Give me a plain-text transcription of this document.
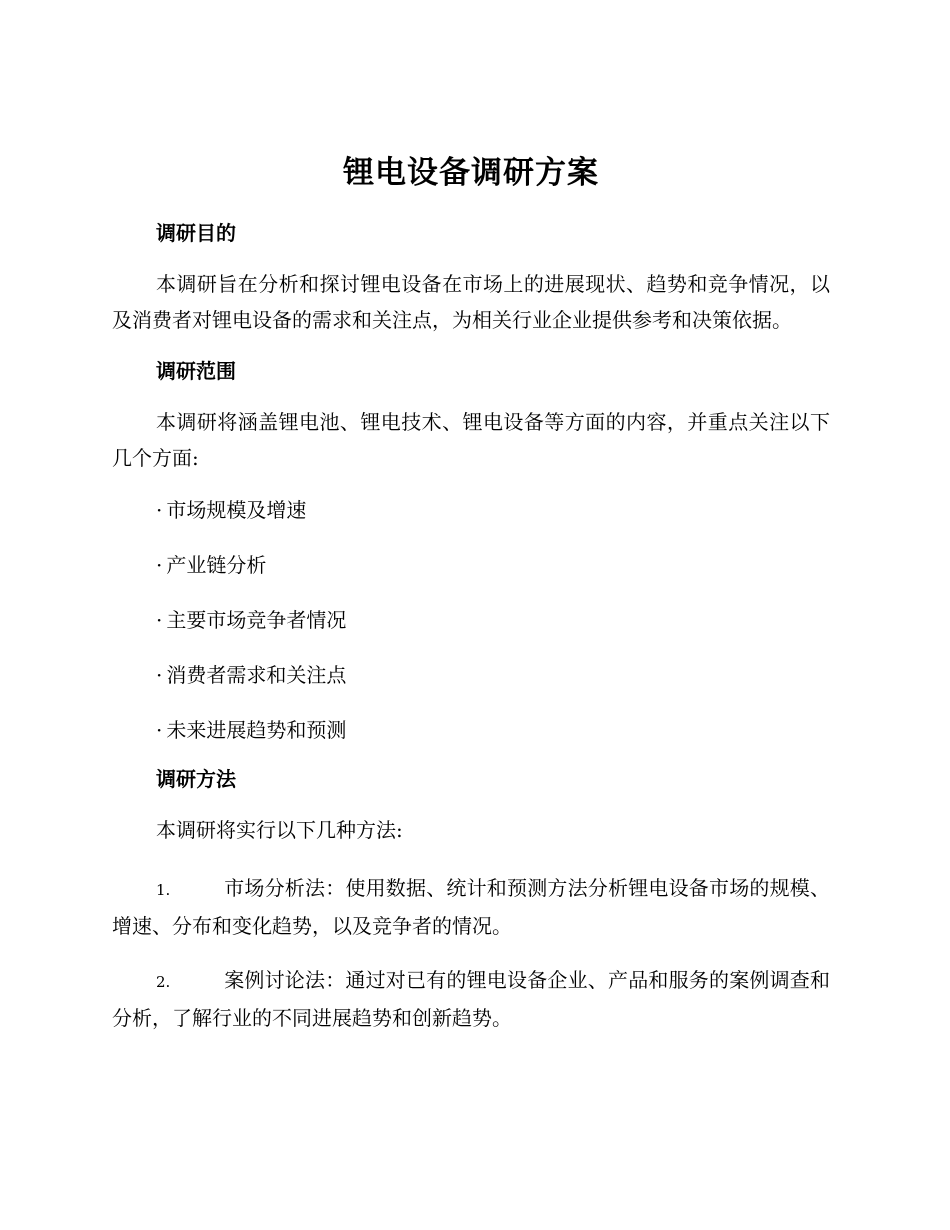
锂电设备调研方案
调研目的

本调研旨在分析和探讨锂电设备在市场上的进展现状、趋势和竞争情况，以及消费者对锂电设备的需求和关注点，为相关行业企业提供参考和决策依据。

调研范围

本调研将涵盖锂电池、锂电技术、锂电设备等方面的内容，并重点关注以下几个方面:

· 市场规模及增速
· 产业链分析
· 主要市场竞争者情况
· 消费者需求和关注点
· 未来进展趋势和预测
调研方法

本调研将实行以下几种方法:

1.	市场分析法：使用数据、统计和预测方法分析锂电设备市场的规模、增速、分布和变化趋势，以及竞争者的情况。
2.	案例讨论法：通过对已有的锂电设备企业、产品和服务的案例调查和分析，了解行业的不同进展趋势和创新趋势。
